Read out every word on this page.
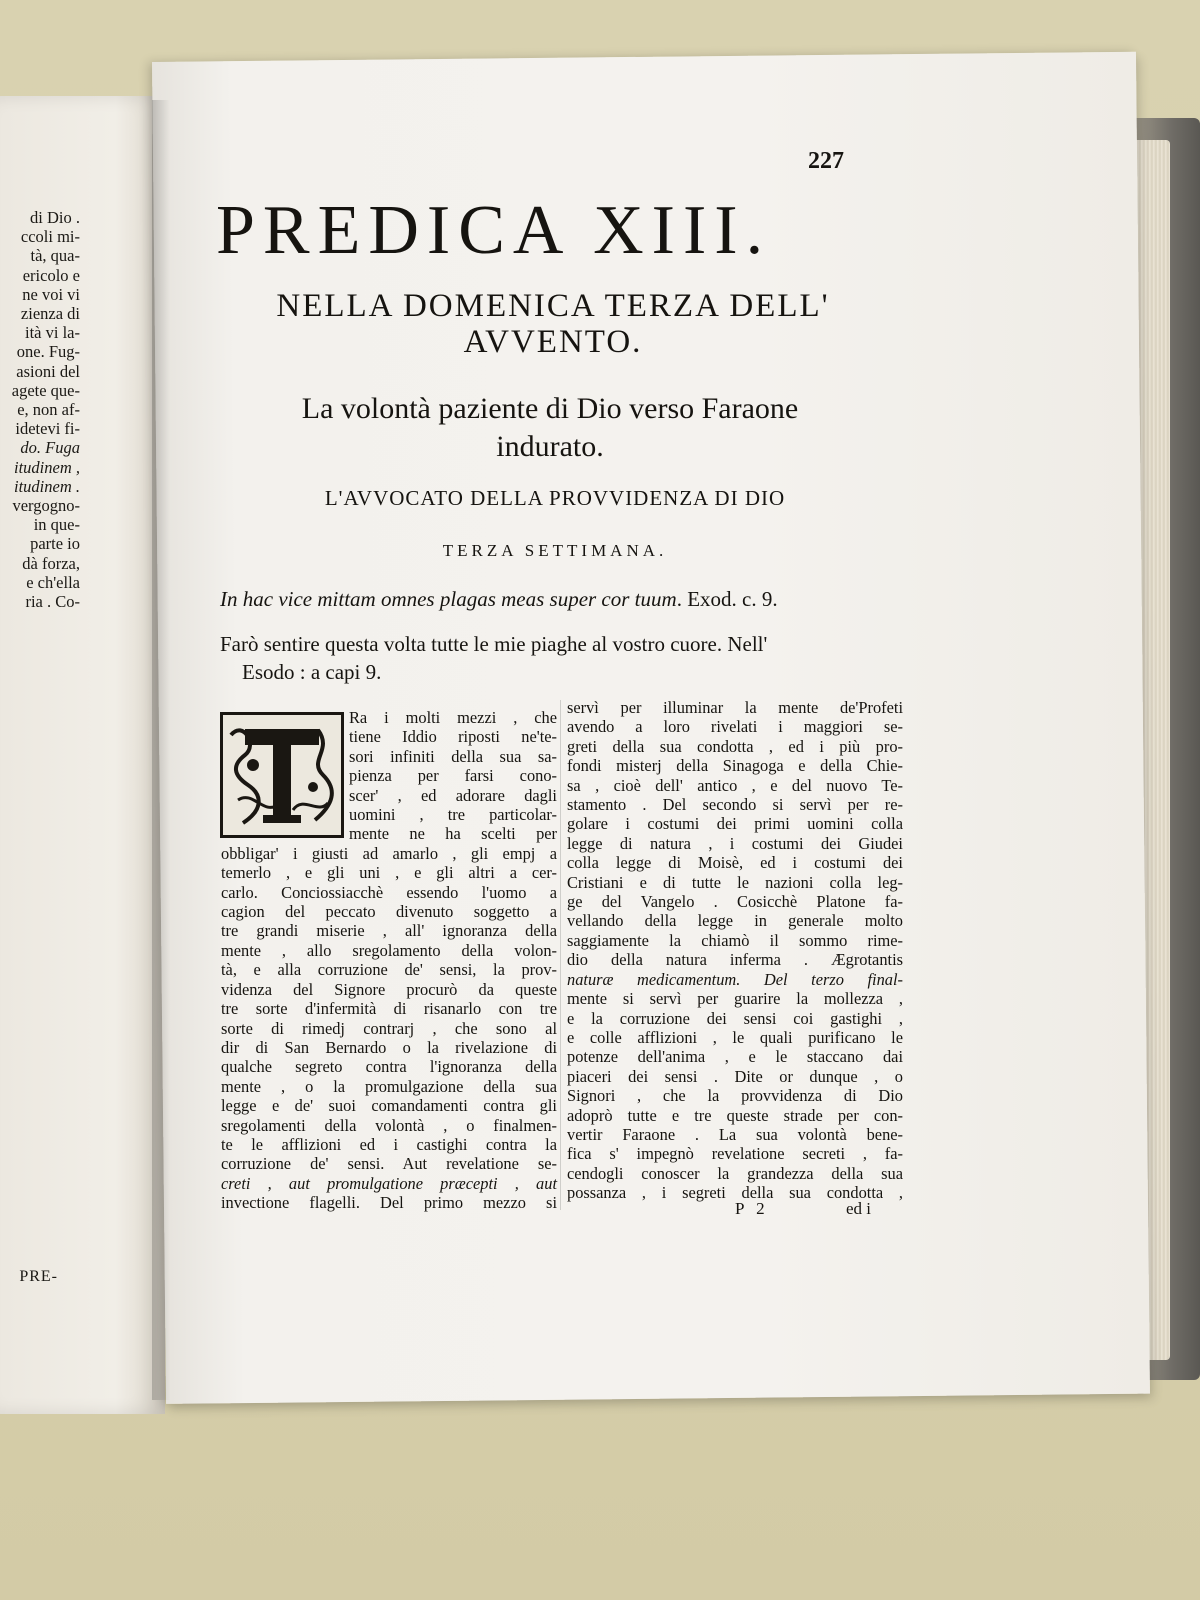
di Dio .
ccoli mi-
tà, qua-
ericolo e
ne voi vi
zienza di
ità vi la-
one. Fug-
asioni del
agete que-
e, non af-
idetevi fi-
do. Fuga
itudinem ,
itudinem .
vergogno-
in que-
parte io
dà forza,
e ch'ella
ria . Co-
PRE-
227
PREDICA XIII.
NELLA DOMENICA TERZA DELL'
AVVENTO.
La volontà paziente di Dio verso Faraone
indurato.
L'AVVOCATO DELLA PROVVIDENZA DI DIO
TERZA SETTIMANA.
In hac vice mittam omnes plagas meas super cor tuum. Exod. c. 9.
Farò sentire questa volta tutte le mie piaghe al vostro cuore. Nell'
Esodo : a capi 9.
Ra i molti mezzi , che
tiene Iddio riposti ne'te-
sori infiniti della sua sa-
pienza per farsi cono-
scer' , ed adorare dagli
uomini , tre particolar-
mente ne ha scelti per
obbligar' i giusti ad amarlo , gli empj a
temerlo , e gli uni , e gli altri a cer-
carlo. Conciossiacchè essendo l'uomo a
cagion del peccato divenuto soggetto a
tre grandi miserie , all' ignoranza della
mente , allo sregolamento della volon-
tà, e alla corruzione de' sensi, la prov-
videnza del Signore procurò da queste
tre sorte d'infermità di risanarlo con tre
sorte di rimedj contrarj , che sono al
dir di San Bernardo o la rivelazione di
qualche segreto contra l'ignoranza della
mente , o la promulgazione della sua
legge e de' suoi comandamenti contra gli
sregolamenti della volontà , o finalmen-
te le afflizioni ed i castighi contra la
corruzione de' sensi. Aut revelatione se-
creti , aut promulgatione præcepti , aut
invectione flagelli. Del primo mezzo si
servì per illuminar la mente de'Profeti
avendo a loro rivelati i maggiori se-
greti della sua condotta , ed i più pro-
fondi misterj della Sinagoga e della Chie-
sa , cioè dell' antico , e del nuovo Te-
stamento . Del secondo si servì per re-
golare i costumi dei primi uomini colla
legge di natura , i costumi dei Giudei
colla legge di Moisè, ed i costumi dei
Cristiani e di tutte le nazioni colla leg-
ge del Vangelo . Cosicchè Platone fa-
vellando della legge in generale molto
saggiamente la chiamò il sommo rime-
dio della natura inferma . Ægrotantis
naturæ medicamentum. Del terzo final-
mente si servì per guarire la mollezza ,
e la corruzione dei sensi coi gastighi ,
e colle afflizioni , le quali purificano le
potenze dell'anima , e le staccano dai
piaceri dei sensi . Dite or dunque , o
Signori , che la provvidenza di Dio
adoprò tutte e tre queste strade per con-
vertir Faraone . La sua volontà bene-
fica s' impegnò revelatione secreti , fa-
cendogli conoscer la grandezza della sua
possanza , i segreti della sua condotta ,
P 2	ed i
